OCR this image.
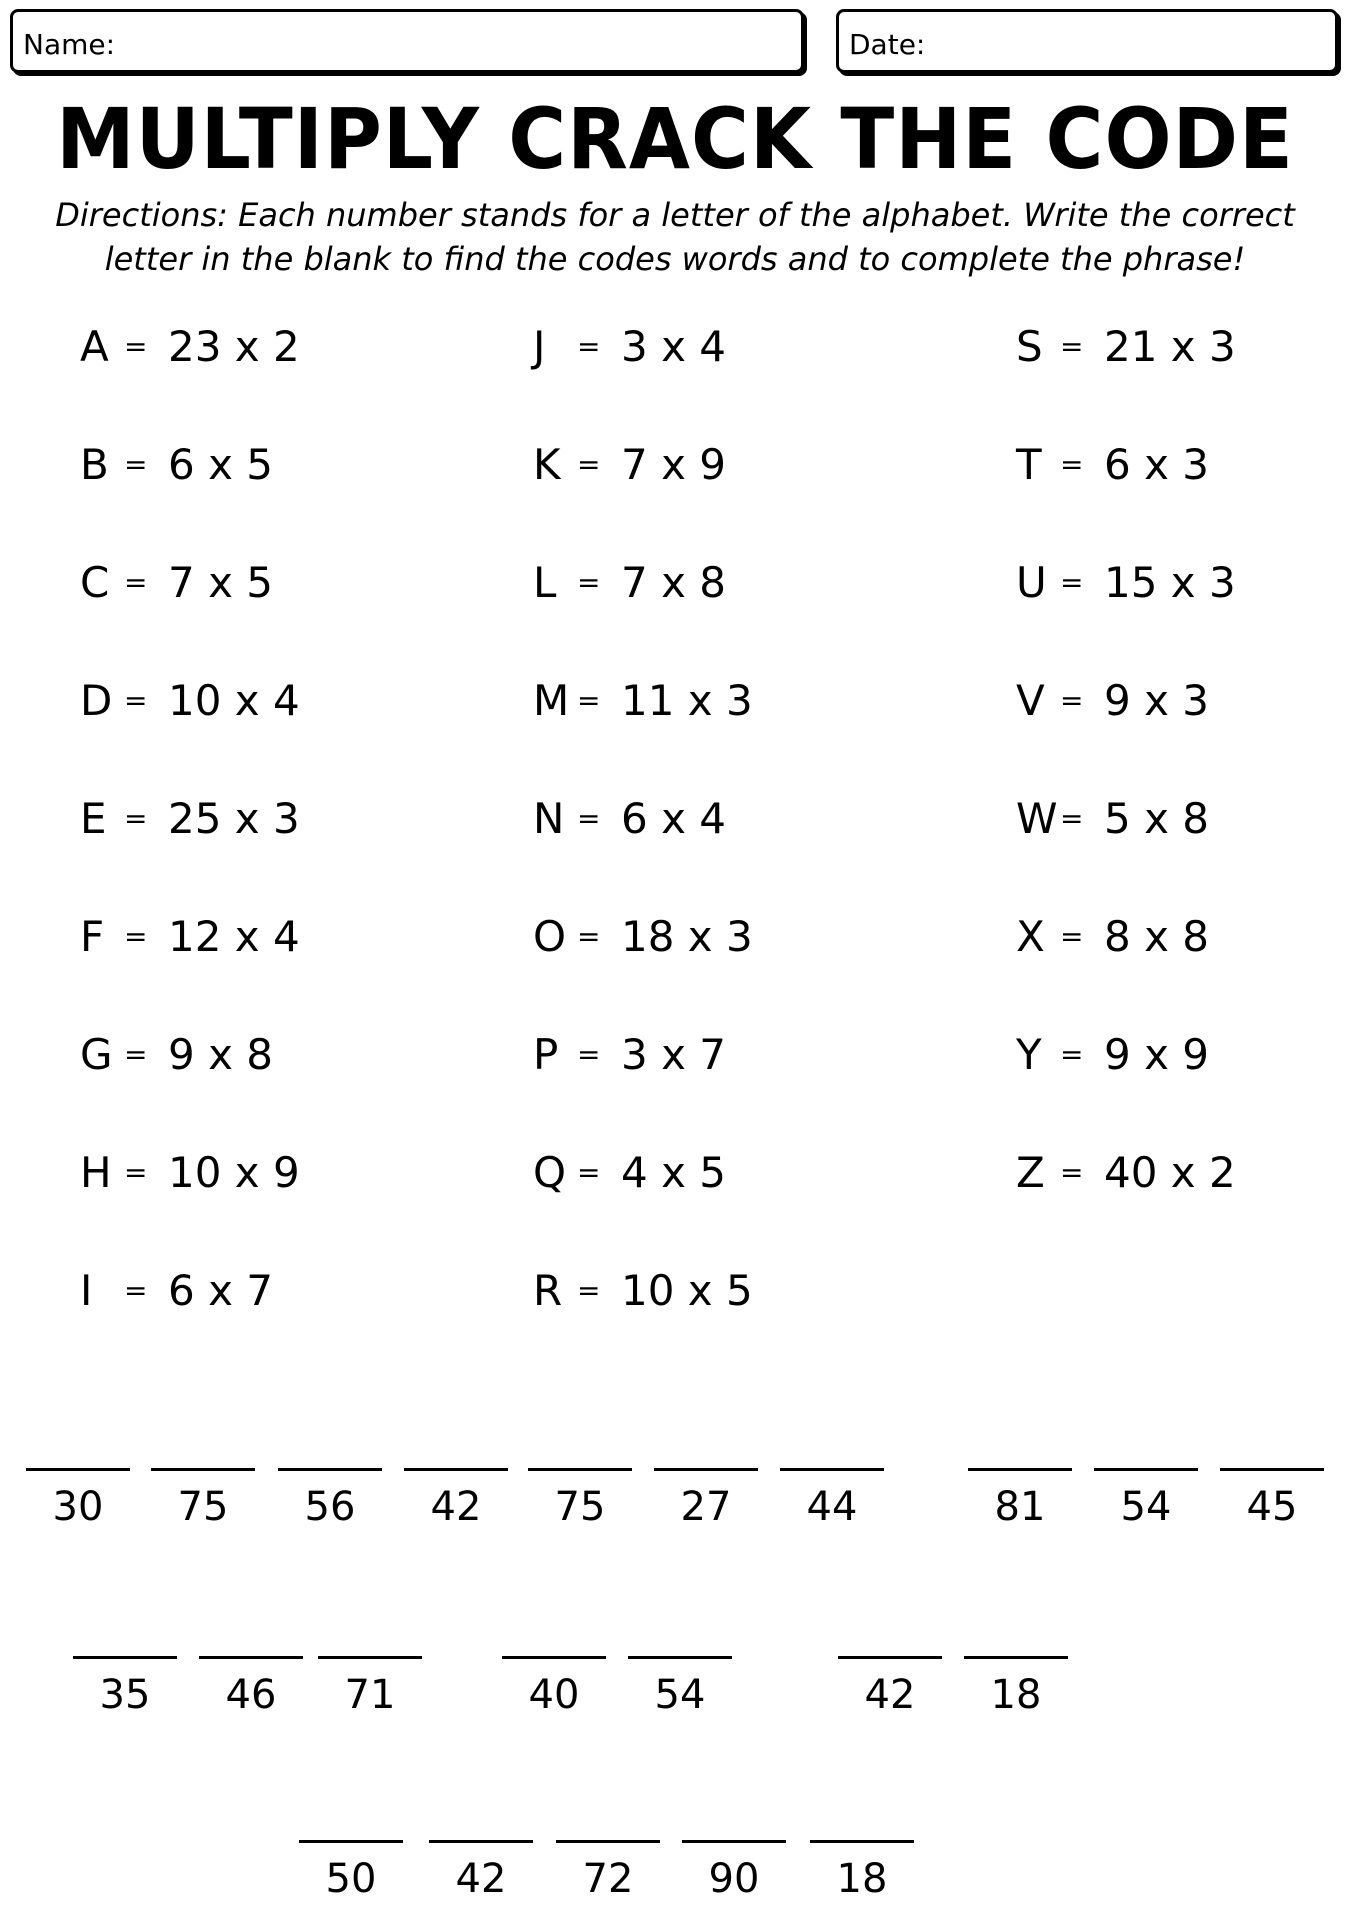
Name:	Date:
MULTIPLY CRACK THE CODE
Directions: Each number stands for a letter of the alphabet. Write the correct
letter in the blank to find the codes words and to complete the phrase!
A = 23 x 2
B = 6 x 5
C = 7 x 5
D = 10 x 4
E = 25 x 3
F = 12 x 4
G = 9 x 8
H = 10 x 9
I	= 6 x 7
J	= 3 x 4
K = 7 x 9
L = 7 x 8
M = 11 x 3
N = 6 x 4
O = 18 x 3
P = 3 x 7
Q = 4 x 5
R = 10 x 5
S = 21 x 3
T = 6 x 3
U = 15 x 3
V = 9 x 3
W = 5 x 8
X = 8 x 8
Y = 9 x 9
Z = 40 x 2
30	75	56	42	75	27	44	81	54	45
35	46	71	40	54	42	18
50	42	72	90	18
